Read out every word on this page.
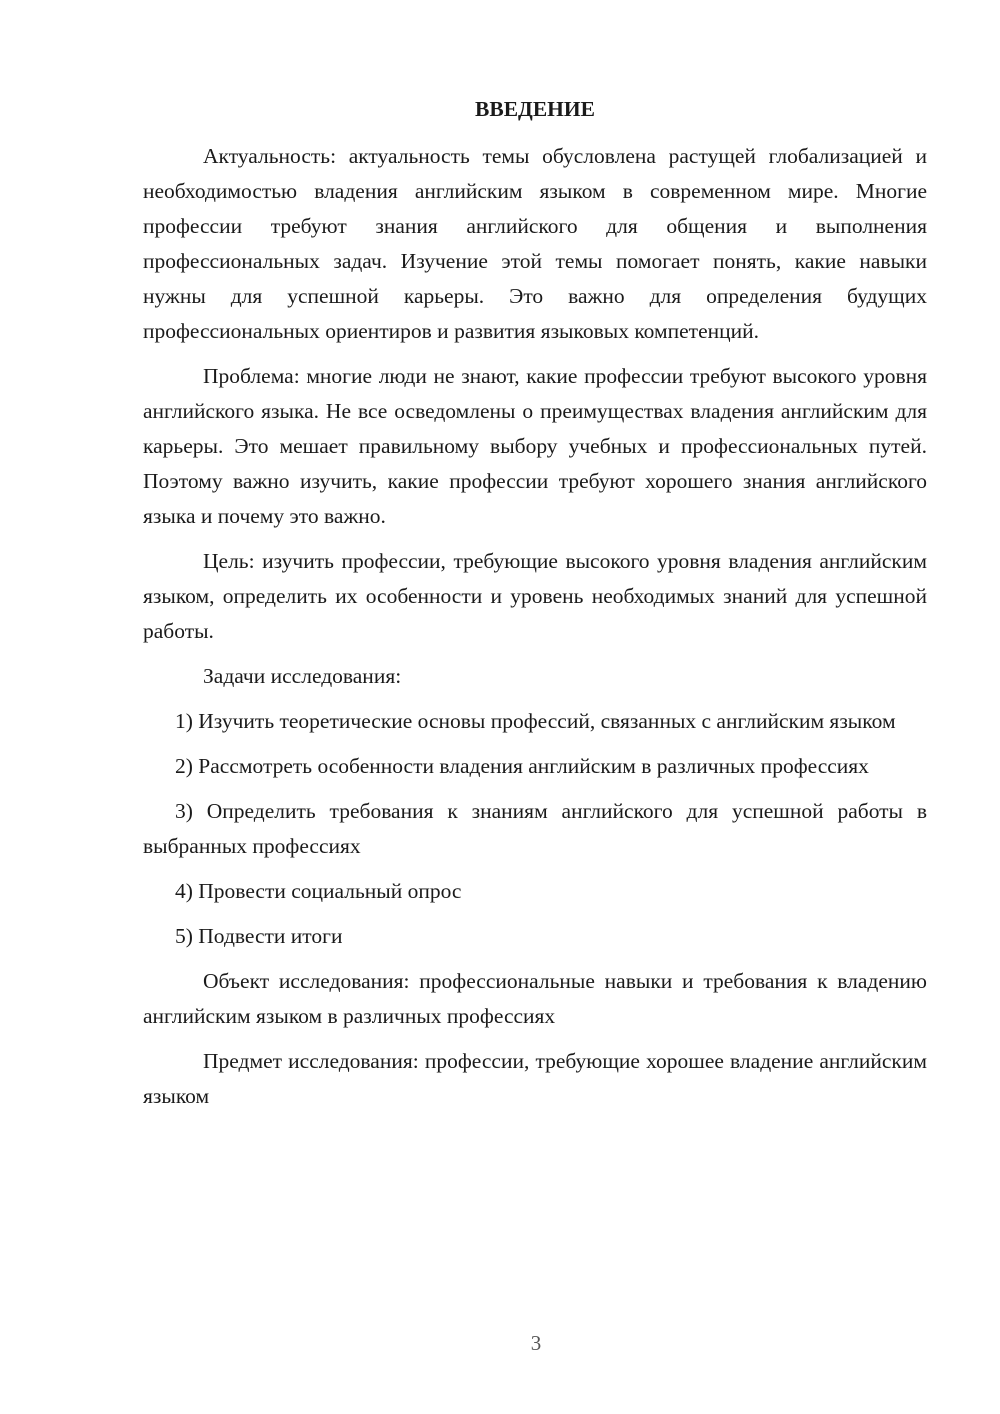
ВВЕДЕНИЕ

Актуальность: актуальность темы обусловлена растущей глобализацией и необходимостью владения английским языком в современном мире. Многие профессии требуют знания английского для общения и выполнения профессиональных задач. Изучение этой темы помогает понять, какие навыки нужны для успешной карьеры. Это важно для определения будущих профессиональных ориентиров и развития языковых компетенций.

Проблема: многие люди не знают, какие профессии требуют высокого уровня английского языка. Не все осведомлены о преимуществах владения английским для карьеры. Это мешает правильному выбору учебных и профессиональных путей. Поэтому важно изучить, какие профессии требуют хорошего знания английского языка и почему это важно.

Цель: изучить профессии, требующие высокого уровня владения английским языком, определить их особенности и уровень необходимых знаний для успешной работы.

Задачи исследования:

1) Изучить теоретические основы профессий, связанных с английским языком

2) Рассмотреть особенности владения английским в различных профессиях

3) Определить требования к знаниям английского для успешной работы в выбранных профессиях

4) Провести социальный опрос

5) Подвести итоги

Объект исследования: профессиональные навыки и требования к владению английским языком в различных профессиях

Предмет исследования: профессии, требующие хорошее владение английским языком

3
